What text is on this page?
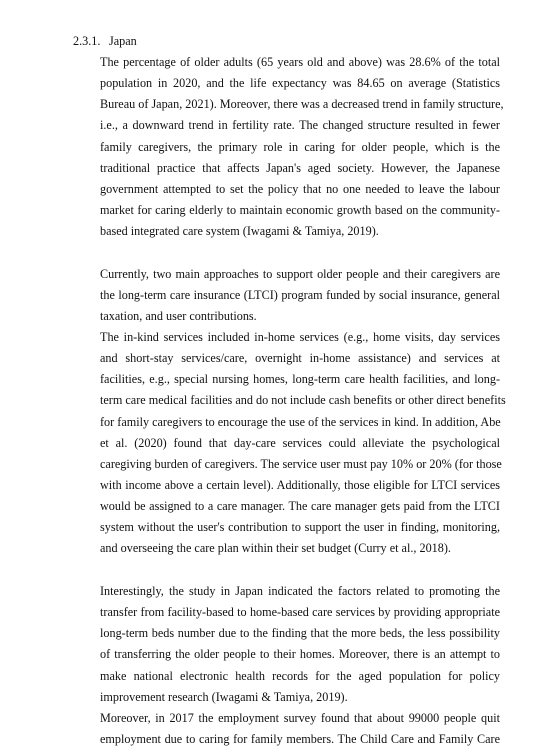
2.3.1. Japan

The percentage of older adults (65 years old and above) was 28.6% of the total
population in 2020, and the life expectancy was 84.65 on average (Statistics
Bureau of Japan, 2021). Moreover, there was a decreased trend in family structure,
i.e., a downward trend in fertility rate. The changed structure resulted in fewer
family caregivers, the primary role in caring for older people, which is the
traditional practice that affects Japan's aged society. However, the Japanese
government attempted to set the policy that no one needed to leave the labour
market for caring elderly to maintain economic growth based on the community-
based integrated care system (Iwagami & Tamiya, 2019).

Currently, two main approaches to support older people and their caregivers are
the long-term care insurance (LTCI) program funded by social insurance, general
taxation, and user contributions.

The in-kind services included in-home services (e.g., home visits, day services
and short-stay services/care, overnight in-home assistance) and services at
facilities, e.g., special nursing homes, long-term care health facilities, and long-
term care medical facilities and do not include cash benefits or other direct benefits
for family caregivers to encourage the use of the services in kind. In addition, Abe
et al. (2020) found that day-care services could alleviate the psychological
caregiving burden of caregivers. The service user must pay 10% or 20% (for those
with income above a certain level). Additionally, those eligible for LTCI services
would be assigned to a care manager. The care manager gets paid from the LTCI
system without the user's contribution to support the user in finding, monitoring,
and overseeing the care plan within their set budget (Curry et al., 2018).

Interestingly, the study in Japan indicated the factors related to promoting the
transfer from facility-based to home-based care services by providing appropriate
long-term beds number due to the finding that the more beds, the less possibility
of transferring the older people to their homes. Moreover, there is an attempt to
make national electronic health records for the aged population for policy
improvement research (Iwagami & Tamiya, 2019).

Moreover, in 2017 the employment survey found that about 99000 people quit
employment due to caring for family members. The Child Care and Family Care
